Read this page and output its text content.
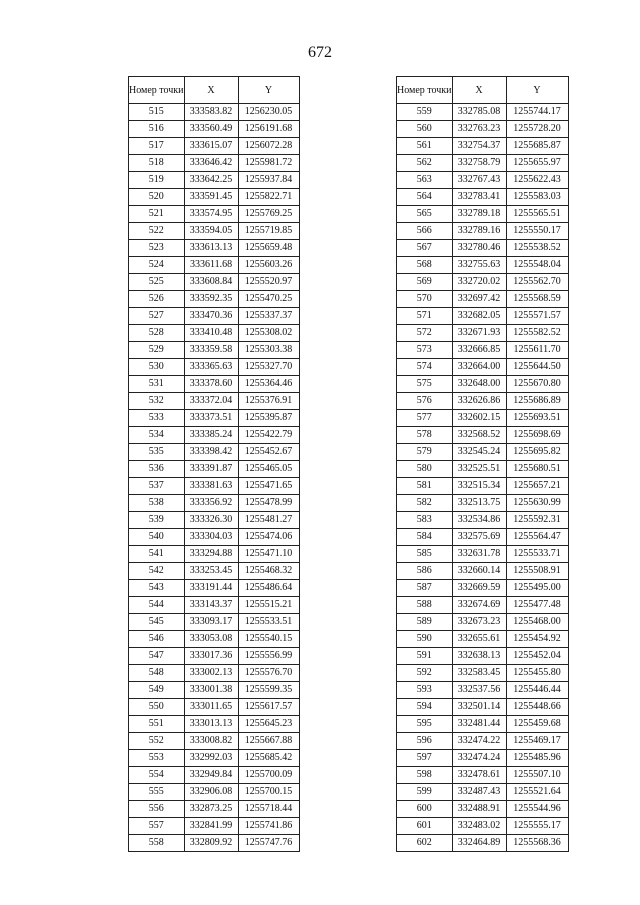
672
Номер точки	X	Y
515	333583.82	1256230.05
516	333560.49	1256191.68
517	333615.07	1256072.28
518	333646.42	1255981.72
519	333642.25	1255937.84
520	333591.45	1255822.71
521	333574.95	1255769.25
522	333594.05	1255719.85
523	333613.13	1255659.48
524	333611.68	1255603.26
525	333608.84	1255520.97
526	333592.35	1255470.25
527	333470.36	1255337.37
528	333410.48	1255308.02
529	333359.58	1255303.38
530	333365.63	1255327.70
531	333378.60	1255364.46
532	333372.04	1255376.91
533	333373.51	1255395.87
534	333385.24	1255422.79
535	333398.42	1255452.67
536	333391.87	1255465.05
537	333381.63	1255471.65
538	333356.92	1255478.99
539	333326.30	1255481.27
540	333304.03	1255474.06
541	333294.88	1255471.10
542	333253.45	1255468.32
543	333191.44	1255486.64
544	333143.37	1255515.21
545	333093.17	1255533.51
546	333053.08	1255540.15
547	333017.36	1255556.99
548	333002.13	1255576.70
549	333001.38	1255599.35
550	333011.65	1255617.57
551	333013.13	1255645.23
552	333008.82	1255667.88
553	332992.03	1255685.42
554	332949.84	1255700.09
555	332906.08	1255700.15
556	332873.25	1255718.44
557	332841.99	1255741.86
558	332809.92	1255747.76
Номер точки	X	Y
559	332785.08	1255744.17
560	332763.23	1255728.20
561	332754.37	1255685.87
562	332758.79	1255655.97
563	332767.43	1255622.43
564	332783.41	1255583.03
565	332789.18	1255565.51
566	332789.16	1255550.17
567	332780.46	1255538.52
568	332755.63	1255548.04
569	332720.02	1255562.70
570	332697.42	1255568.59
571	332682.05	1255571.57
572	332671.93	1255582.52
573	332666.85	1255611.70
574	332664.00	1255644.50
575	332648.00	1255670.80
576	332626.86	1255686.89
577	332602.15	1255693.51
578	332568.52	1255698.69
579	332545.24	1255695.82
580	332525.51	1255680.51
581	332515.34	1255657.21
582	332513.75	1255630.99
583	332534.86	1255592.31
584	332575.69	1255564.47
585	332631.78	1255533.71
586	332660.14	1255508.91
587	332669.59	1255495.00
588	332674.69	1255477.48
589	332673.23	1255468.00
590	332655.61	1255454.92
591	332638.13	1255452.04
592	332583.45	1255455.80
593	332537.56	1255446.44
594	332501.14	1255448.66
595	332481.44	1255459.68
596	332474.22	1255469.17
597	332474.24	1255485.96
598	332478.61	1255507.10
599	332487.43	1255521.64
600	332488.91	1255544.96
601	332483.02	1255555.17
602	332464.89	1255568.36
